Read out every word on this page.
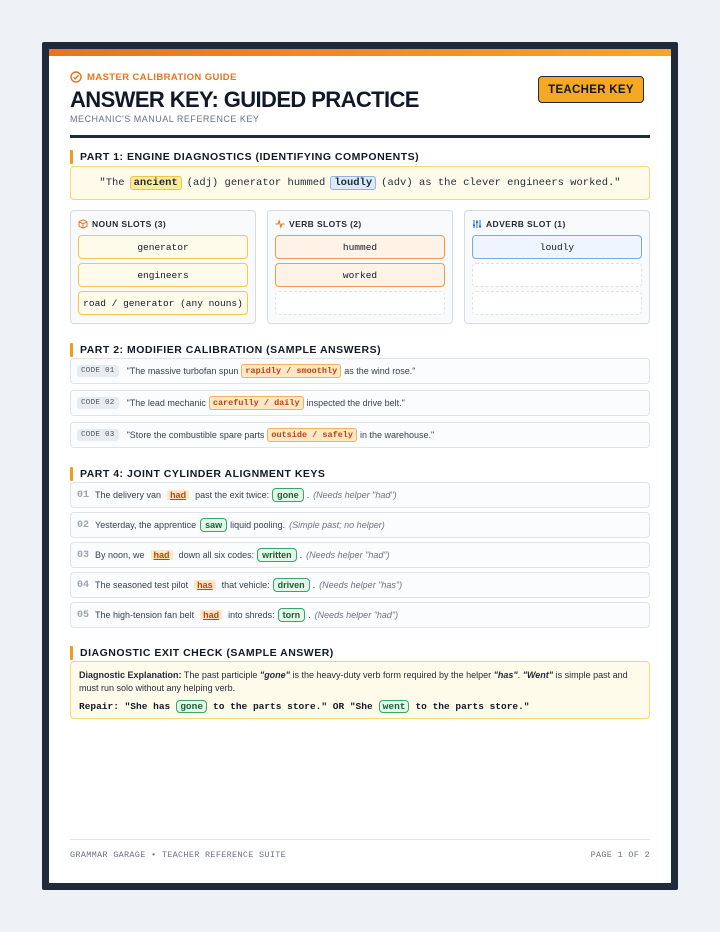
MASTER CALIBRATION GUIDE
ANSWER KEY: GUIDED PRACTICE
MECHANIC'S MANUAL REFERENCE KEY
TEACHER KEY
PART 1: ENGINE DIAGNOSTICS (IDENTIFYING COMPONENTS)
"The ancient (adj) generator hummed loudly (adv) as the clever engineers worked."
NOUN SLOTS (3)
generator
engineers
road / generator (any nouns)
VERB SLOTS (2)
hummed
worked
ADVERB SLOT (1)
loudly
PART 2: MODIFIER CALIBRATION (SAMPLE ANSWERS)
CODE 01	"The massive turbofan spun rapidly / smoothly as the wind rose."
CODE 02	"The lead mechanic carefully / daily inspected the drive belt."
CODE 03	"Store the combustible spare parts outside / safely in the warehouse."
PART 4: JOINT CYLINDER ALIGNMENT KEYS
01 The delivery van	had	past the exit twice: gone . (Needs helper "had")
02 Yesterday, the apprentice	saw liquid pooling. (Simple past; no helper)
03 By noon, we	had	down all six codes: written . (Needs helper "had")
04 The seasoned test pilot	has	that vehicle: driven . (Needs helper "has")
05 The high-tension fan belt	had	into shreds: torn . (Needs helper "had")
DIAGNOSTIC EXIT CHECK (SAMPLE ANSWER)
Diagnostic Explanation: The past participle "gone" is the heavy-duty verb form required by the helper "has". "Went" is simple past and must run solo without any helping verb.
Repair: "She has	gone	to the parts store." OR "She	went	to the parts store."
GRAMMAR GARAGE • TEACHER REFERENCE SUITE	PAGE 1 OF 2
